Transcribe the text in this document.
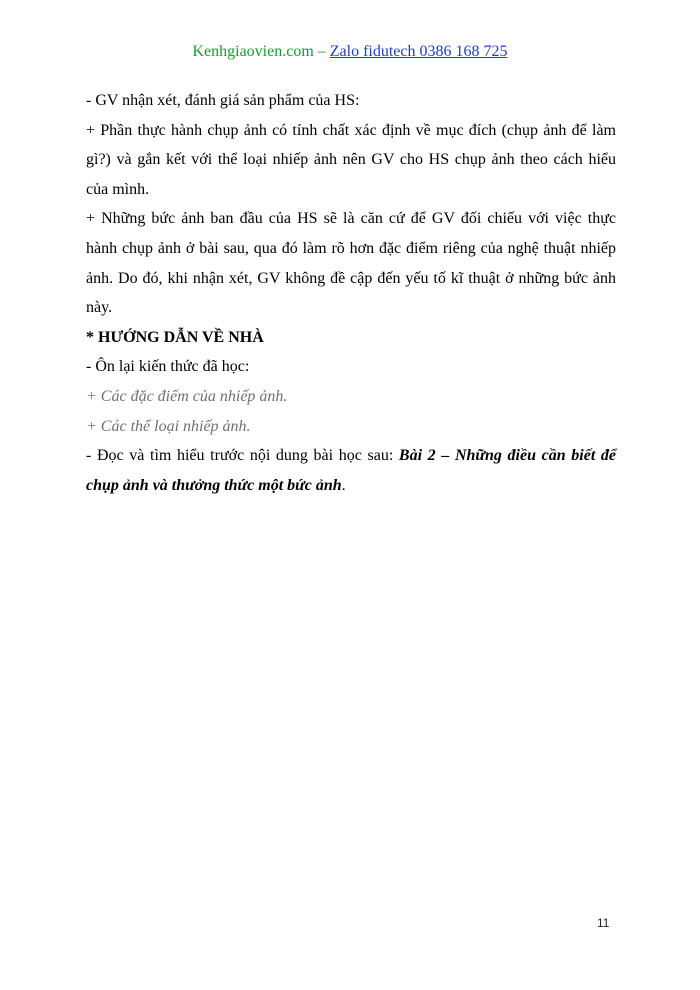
Kenhgiaovien.com – Zalo fidutech 0386 168 725

- GV nhận xét, đánh giá sản phẩm của HS:

+ Phần thực hành chụp ảnh có tính chất xác định về mục đích (chụp ảnh để làm

gì?) và gắn kết với thể loại nhiếp ảnh nên GV cho HS chụp ảnh theo cách hiểu

của mình.

+ Những bức ảnh ban đầu của HS sẽ là căn cứ để GV đối chiếu với việc thực

hành chụp ảnh ở bài sau, qua đó làm rõ hơn đặc điểm riêng của nghệ thuật nhiếp

ảnh. Do đó, khi nhận xét, GV không đề cập đến yếu tố kĩ thuật ở những bức ảnh

này.

* HƯỚNG DẪN VỀ NHÀ

- Ôn lại kiến thức đã học:

+ Các đặc điểm của nhiếp ảnh.

+ Các thể loại nhiếp ảnh.

- Đọc và tìm hiểu trước nội dung bài học sau: Bài 2 – Những điều cần biết để

chụp ảnh và thưởng thức một bức ảnh.

11
